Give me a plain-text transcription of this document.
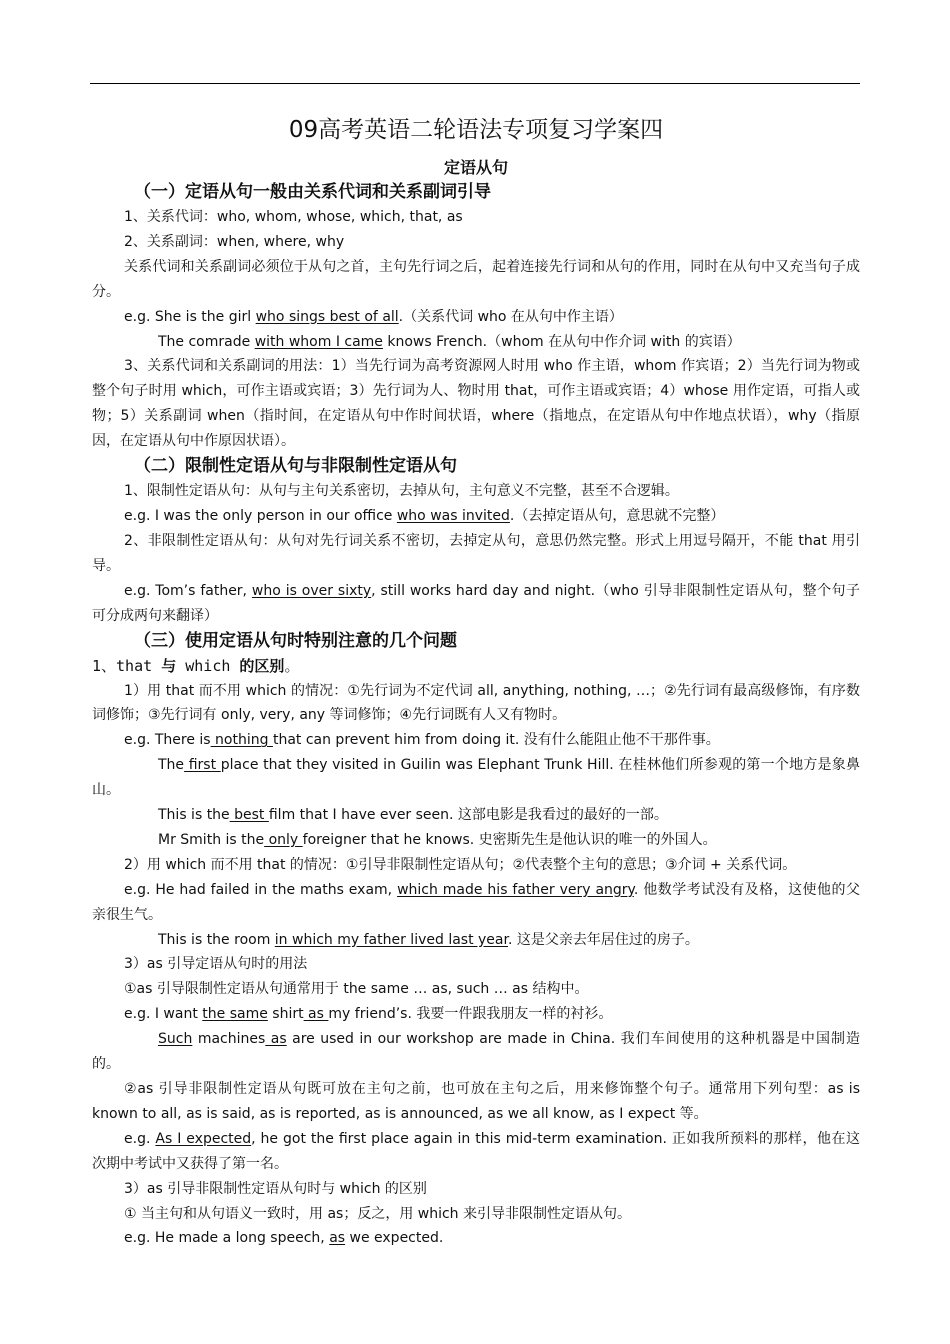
09高考英语二轮语法专项复习学案四
定语从句
（一）定语从句一般由关系代词和关系副词引导

1、关系代词：who, whom, whose, which, that, as

2、关系副词：when, where, why

关系代词和关系副词必须位于从句之首，主句先行词之后，起着连接先行词和从句的作用，同时在从句中又充当句子成分。

e.g. She is the girl who sings best of all.（关系代词 who 在从句中作主语）

The comrade with whom I came knows French.（whom 在从句中作介词 with 的宾语）

3、关系代词和关系副词的用法：1）当先行词为高考资源网人时用 who 作主语，whom 作宾语；2）当先行词为物或整个句子时用 which，可作主语或宾语；3）先行词为人、物时用 that，可作主语或宾语；4）whose 用作定语，可指人或物；5）关系副词 when（指时间，在定语从句中作时间状语，where（指地点，在定语从句中作地点状语），why（指原因，在定语从句中作原因状语）。

（二）限制性定语从句与非限制性定语从句

1、限制性定语从句：从句与主句关系密切，去掉从句，主句意义不完整，甚至不合逻辑。

e.g. I was the only person in our office who was invited.（去掉定语从句，意思就不完整）

2、非限制性定语从句：从句对先行词关系不密切，去掉定从句，意思仍然完整。形式上用逗号隔开，不能 that 用引导。

e.g. Tom’s father, who is over sixty, still works hard day and night.（who 引导非限制性定语从句，整个句子可分成两句来翻译）

（三）使用定语从句时特别注意的几个问题
1、that 与 which 的区别。

1）用 that 而不用 which 的情况：①先行词为不定代词 all, anything, nothing, …；②先行词有最高级修饰，有序数词修饰；③先行词有 only, very, any 等词修饰；④先行词既有人又有物时。

e.g. There is nothing that can prevent him from doing it. 没有什么能阻止他不干那件事。

The first place that they visited in Guilin was Elephant Trunk Hill. 在桂林他们所参观的第一个地方是象鼻山。

This is the best film that I have ever seen. 这部电影是我看过的最好的一部。

Mr Smith is the only foreigner that he knows. 史密斯先生是他认识的唯一的外国人。

2）用 which 而不用 that 的情况：①引导非限制性定语从句；②代表整个主句的意思；③介词 + 关系代词。

e.g. He had failed in the maths exam, which made his father very angry. 他数学考试没有及格，这使他的父亲很生气。

This is the room in which my father lived last year. 这是父亲去年居住过的房子。

3）as 引导定语从句时的用法

①as 引导限制性定语从句通常用于 the same … as, such … as 结构中。

e.g. I want the same shirt as my friend’s. 我要一件跟我朋友一样的衬衫。

Such machines as are used in our workshop are made in China. 我们车间使用的这种机器是中国制造的。

②as 引导非限制性定语从句既可放在主句之前，也可放在主句之后，用来修饰整个句子。通常用下列句型：as is known to all, as is said, as is reported, as is announced, as we all know, as I expect 等。

e.g. As I expected, he got the first place again in this mid-term examination. 正如我所预料的那样，他在这次期中考试中又获得了第一名。

3）as 引导非限制性定语从句时与 which 的区别

① 当主句和从句语义一致时，用 as；反之，用 which 来引导非限制性定语从句。

e.g. He made a long speech, as we expected.
